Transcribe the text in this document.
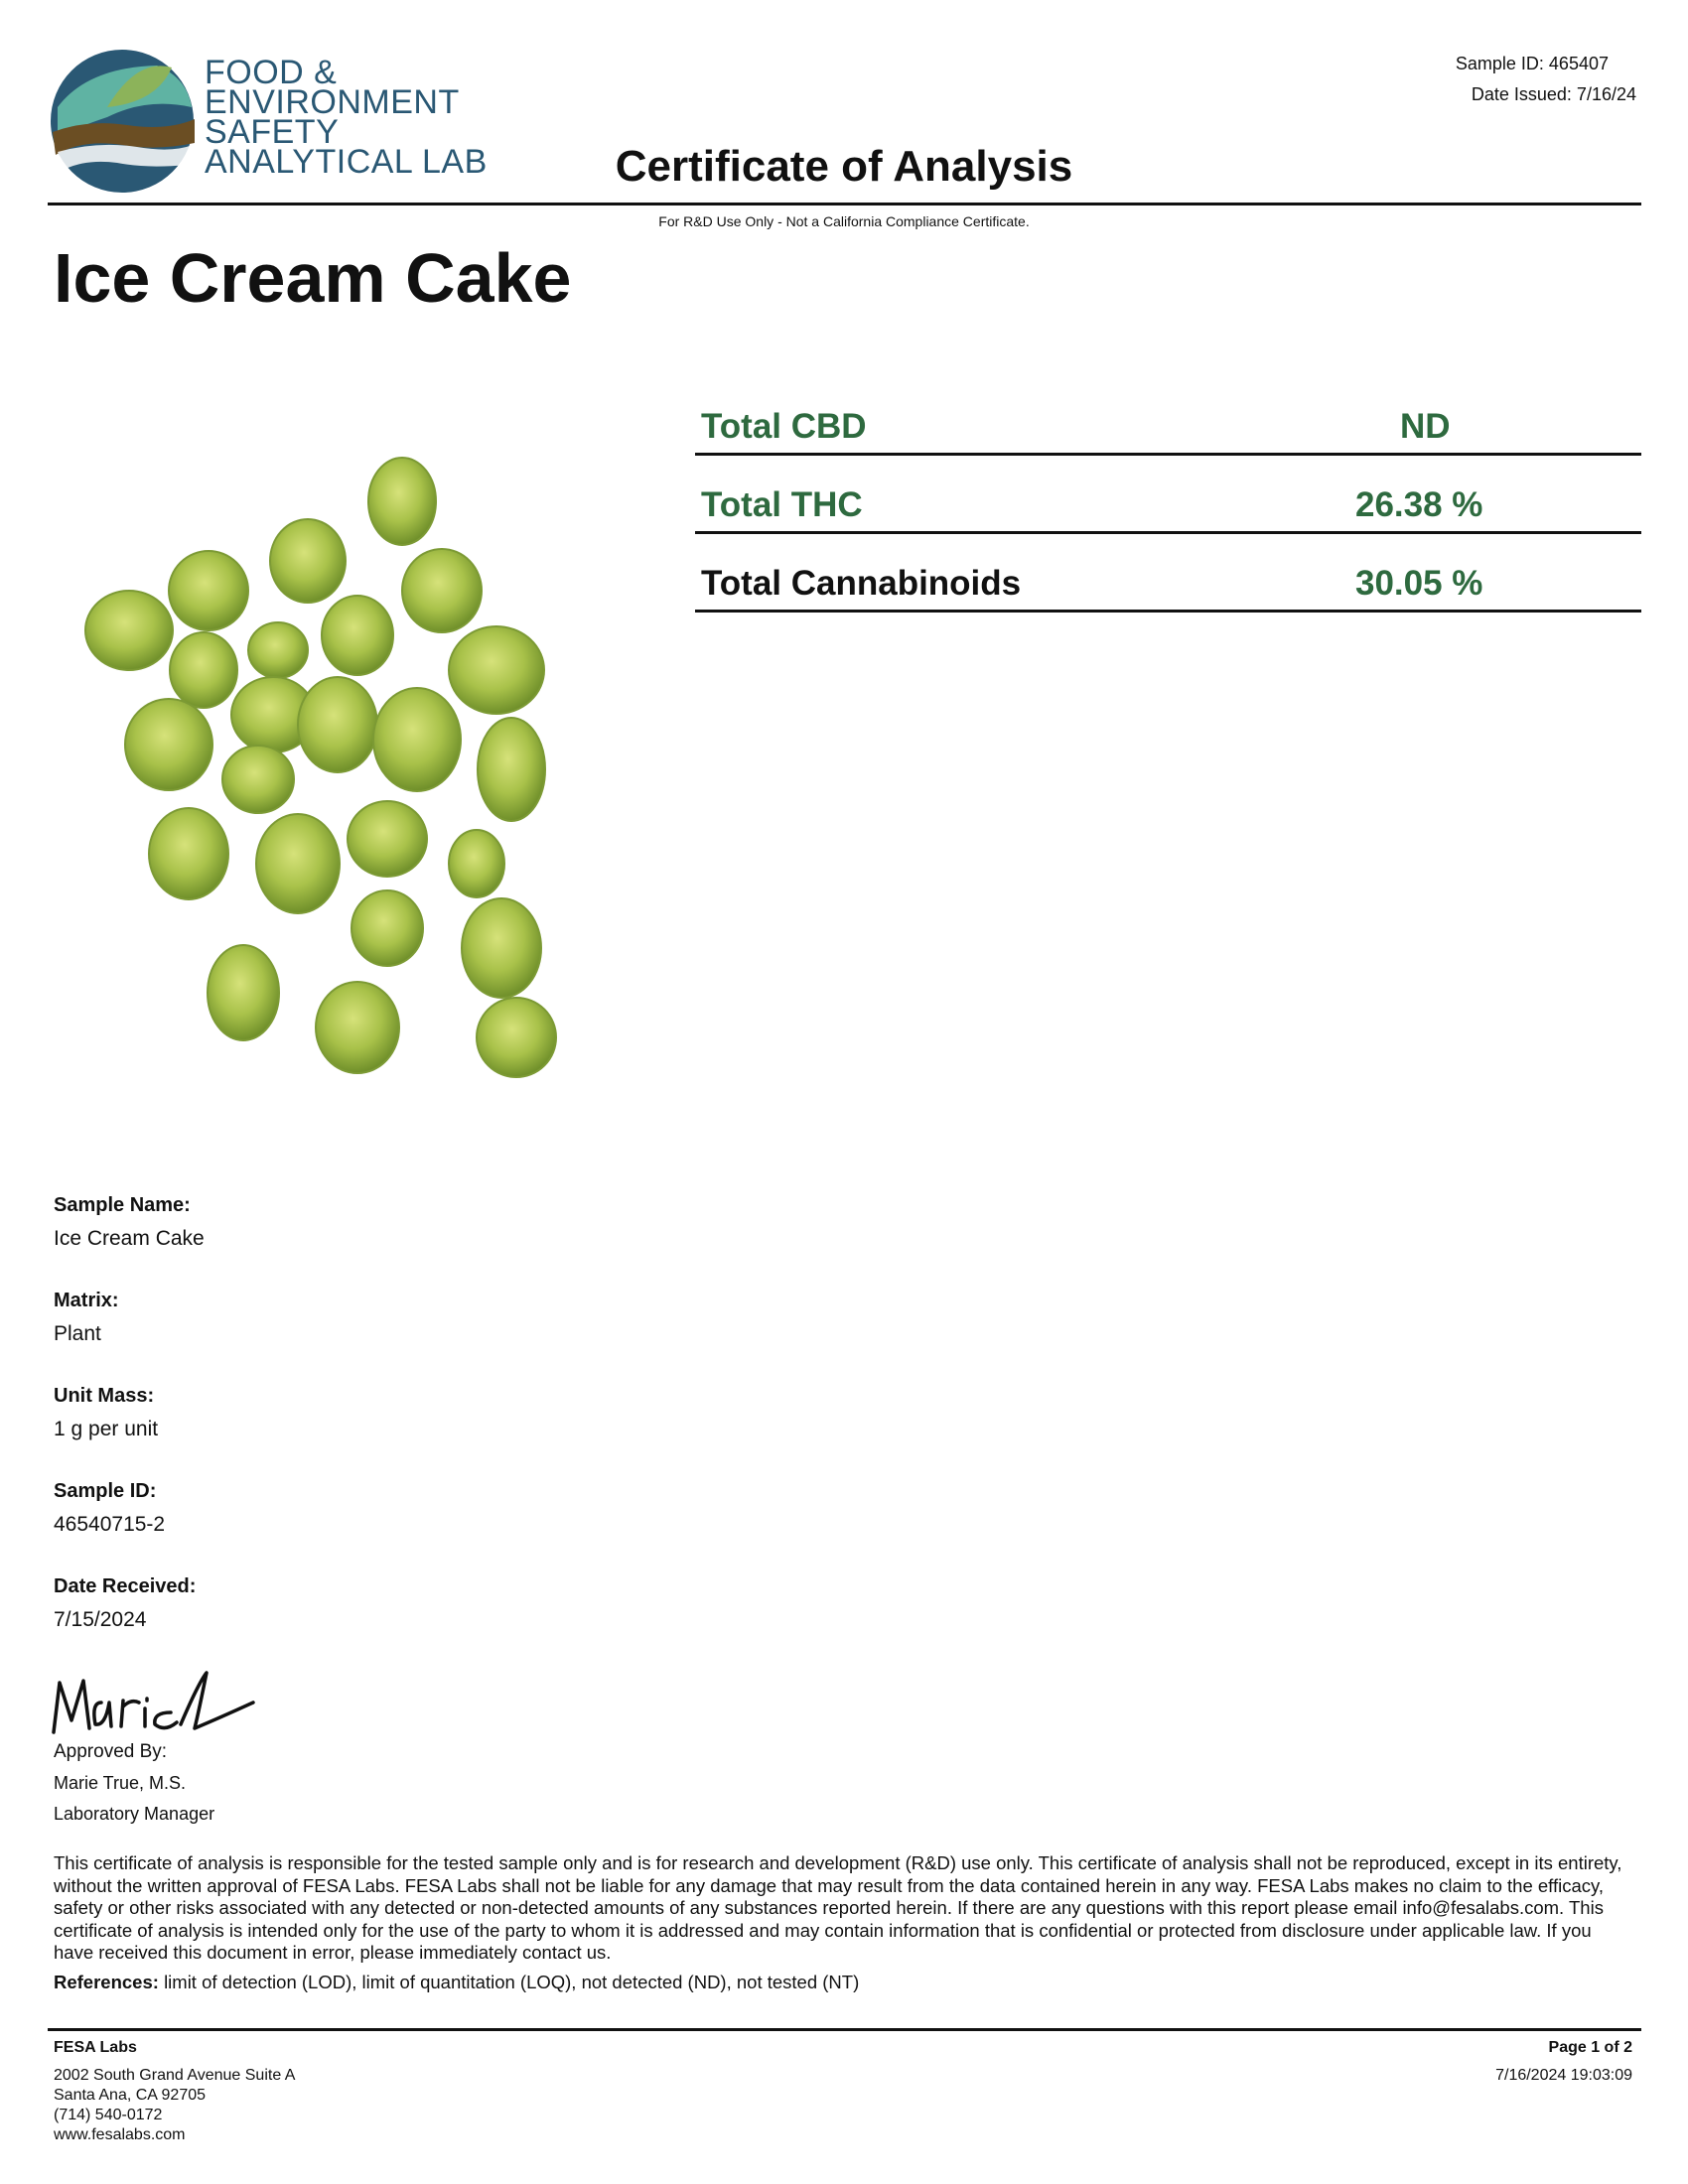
FOOD &
ENVIRONMENT
SAFETY
ANALYTICAL LAB
Sample ID: 465407
Date Issued: 7/16/24
Certificate of Analysis
For R&D Use Only - Not a California Compliance Certificate.
Ice Cream Cake
Total CBD	ND
Total THC	26.38 %
Total Cannabinoids	30.05 %
Sample Name:
Ice Cream Cake
Matrix:
Plant
Unit Mass:
1 g per unit
Sample ID:
46540715-2
Date Received:
7/15/2024
Approved By:
Marie True, M.S.
Laboratory Manager
This certificate of analysis is responsible for the tested sample only and is for research and development (R&D) use only. This certificate of analysis shall not be reproduced, except in its entirety, without the written approval of FESA Labs. FESA Labs shall not be liable for any damage that may result from the data contained herein in any way. FESA Labs makes no claim to the efficacy, safety or other risks associated with any detected or non-detected amounts of any substances reported herein. If there are any questions with this report please email info@fesalabs.com. This certificate of analysis is intended only for the use of the party to whom it is addressed and may contain information that is confidential or protected from disclosure under applicable law. If you have received this document in error, please immediately contact us.
References: limit of detection (LOD), limit of quantitation (LOQ), not detected (ND), not tested (NT)
FESA Labs
2002 South Grand Avenue Suite A
Santa Ana, CA 92705
(714) 540-0172
www.fesalabs.com
Page 1 of 2
7/16/2024 19:03:09
